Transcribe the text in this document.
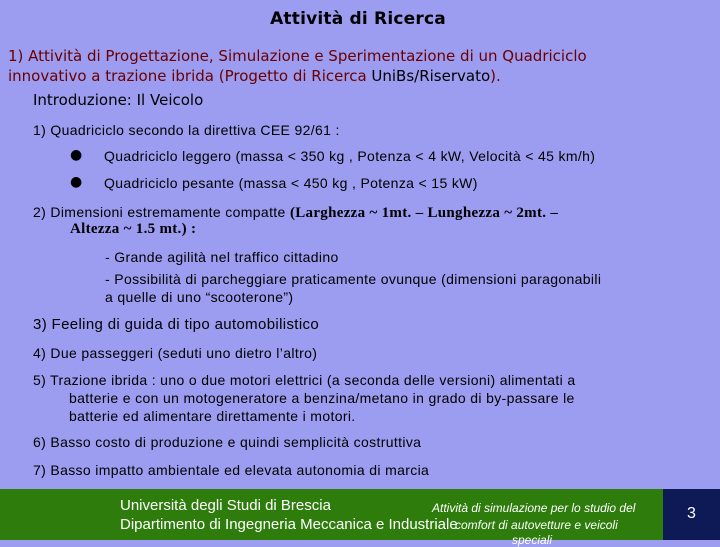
Attività di Ricerca
1) Attività di Progettazione, Simulazione e Sperimentazione di un Quadriciclo
innovativo a trazione ibrida (Progetto di Ricerca UniBs/Riservato).
Introduzione: Il Veicolo
1) Quadriciclo secondo la direttiva CEE 92/61 :
● Quadriciclo leggero (massa < 350 kg , Potenza < 4 kW, Velocità < 45 km/h)
● Quadriciclo pesante (massa < 450 kg , Potenza < 15 kW)
2) Dimensioni estremamente compatte (Larghezza ~ 1mt. – Lunghezza ~ 2mt. –
Altezza ~ 1.5 mt.) :
- Grande agilità nel traffico cittadino
- Possibilità di parcheggiare praticamente ovunque (dimensioni paragonabili
a quelle di uno “scooterone”)
3) Feeling di guida di tipo automobilistico
4) Due passeggeri (seduti uno dietro l’altro)
5) Trazione ibrida : uno o due motori elettrici (a seconda delle versioni) alimentati a
batterie e con un motogeneratore a benzina/metano in grado di by-passare le
batterie ed alimentare direttamente i motori.
6) Basso costo di produzione e quindi semplicità costruttiva
7) Basso impatto ambientale ed elevata autonomia di marcia
Università degli Studi di Brescia
Dipartimento di Ingegneria Meccanica e Industriale
Attività di simulazione per lo studio del
comfort di autovetture e veicoli
speciali
3
